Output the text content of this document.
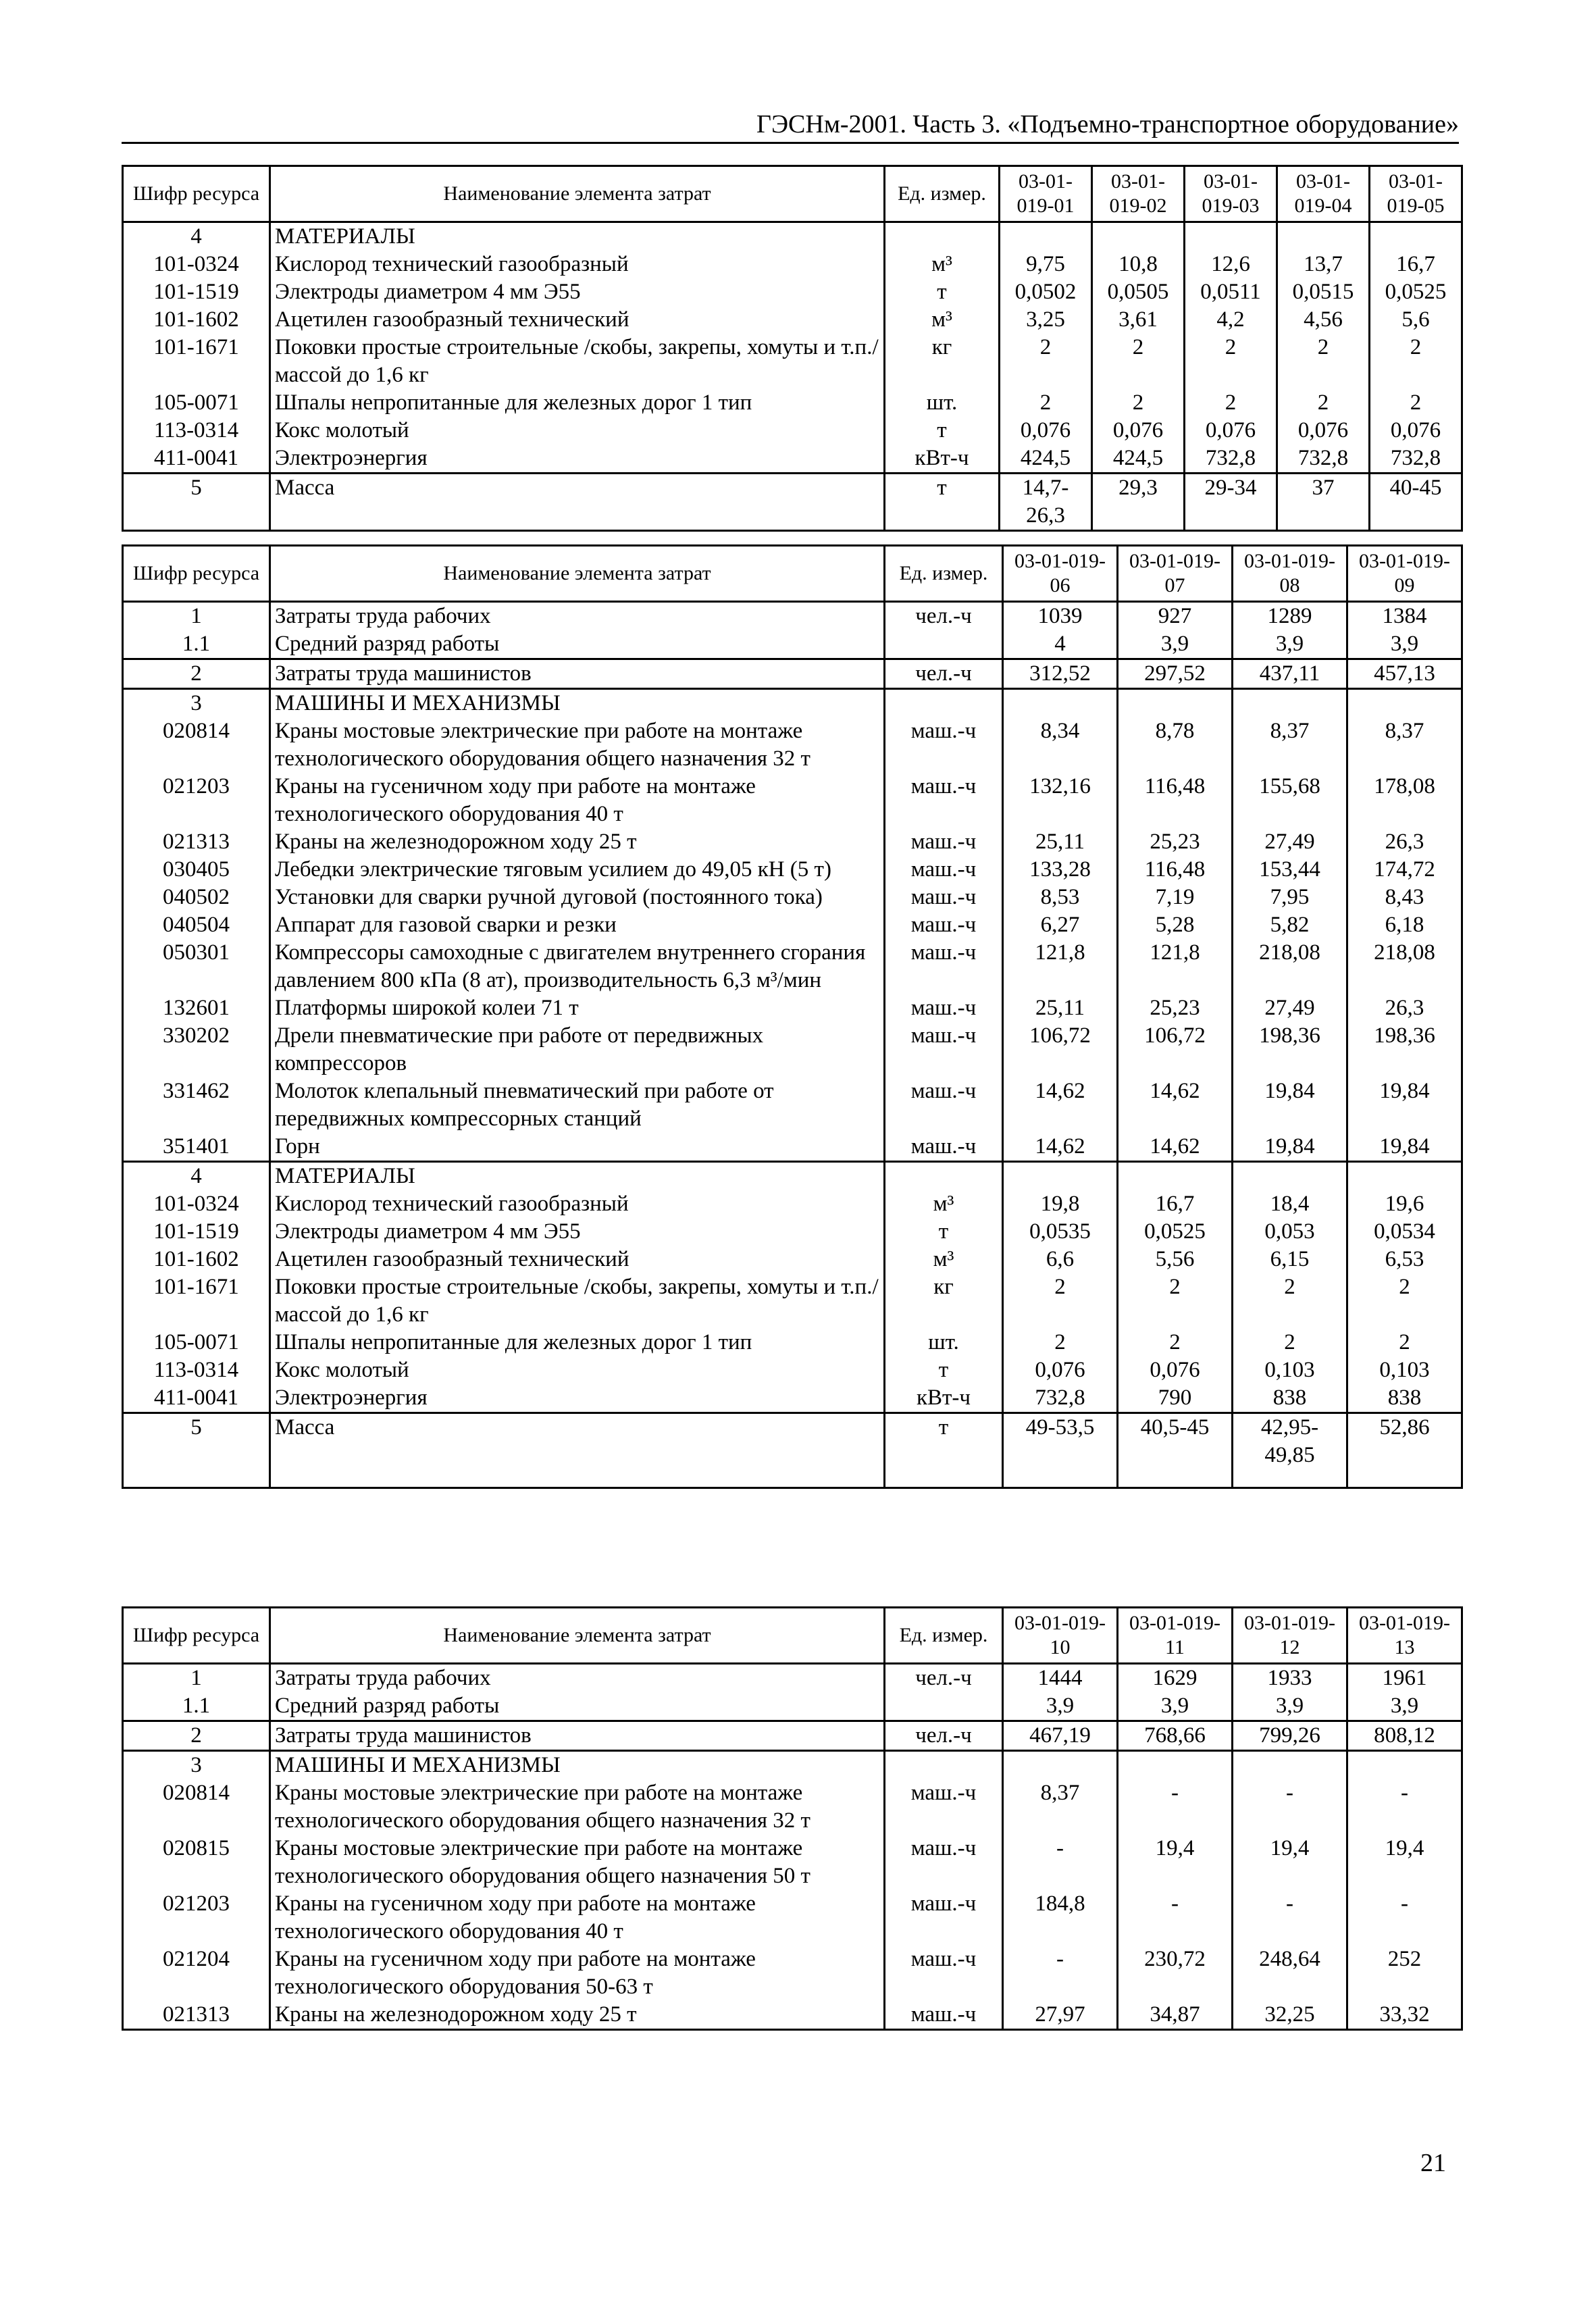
ГЭСНм-2001. Часть 3. «Подъемно-транспортное оборудование»
Шифр ресурса	Наименование элемента затрат	Ед. измер.	03-01-019-01	03-01-019-02	03-01-019-03	03-01-019-04	03-01-019-05
4	МАТЕРИАЛЫ						
101-0324	Кислород технический газообразный	м³	9,75	10,8	12,6	13,7	16,7
101-1519	Электроды диаметром 4 мм Э55	т	0,0502	0,0505	0,0511	0,0515	0,0525
101-1602	Ацетилен газообразный технический	м³	3,25	3,61	4,2	4,56	5,6
101-1671	Поковки простые строительные /скобы, закрепы, хомуты и т.п./ массой до 1,6 кг	кг	2	2	2	2	2
105-0071	Шпалы непропитанные для железных дорог 1 тип	шт.	2	2	2	2	2
113-0314	Кокс молотый	т	0,076	0,076	0,076	0,076	0,076
411-0041	Электроэнергия	кВт-ч	424,5	424,5	732,8	732,8	732,8
5	Масса	т	14,7-26,3	29,3	29-34	37	40-45
Шифр ресурса	Наименование элемента затрат	Ед. измер.	03-01-019-06	03-01-019-07	03-01-019-08	03-01-019-09
1	Затраты труда рабочих	чел.-ч	1039	927	1289	1384
1.1	Средний разряд работы		4	3,9	3,9	3,9
2	Затраты труда машинистов	чел.-ч	312,52	297,52	437,11	457,13
3	МАШИНЫ И МЕХАНИЗМЫ					
020814	Краны мостовые электрические при работе на монтаже технологического оборудования общего назначения 32 т	маш.-ч	8,34	8,78	8,37	8,37
021203	Краны на гусеничном ходу при работе на монтаже технологического оборудования 40 т	маш.-ч	132,16	116,48	155,68	178,08
021313	Краны на железнодорожном ходу 25 т	маш.-ч	25,11	25,23	27,49	26,3
030405	Лебедки электрические тяговым усилием до 49,05 кН (5 т)	маш.-ч	133,28	116,48	153,44	174,72
040502	Установки для сварки ручной дуговой (постоянного тока)	маш.-ч	8,53	7,19	7,95	8,43
040504	Аппарат для газовой сварки и резки	маш.-ч	6,27	5,28	5,82	6,18
050301	Компрессоры самоходные с двигателем внутреннего сгорания давлением 800 кПа (8 ат), производительность 6,3 м³/мин	маш.-ч	121,8	121,8	218,08	218,08
132601	Платформы широкой колеи 71 т	маш.-ч	25,11	25,23	27,49	26,3
330202	Дрели пневматические при работе от передвижных компрессоров	маш.-ч	106,72	106,72	198,36	198,36
331462	Молоток клепальный пневматический при работе от передвижных компрессорных станций	маш.-ч	14,62	14,62	19,84	19,84
351401	Горн	маш.-ч	14,62	14,62	19,84	19,84
4	МАТЕРИАЛЫ					
101-0324	Кислород технический газообразный	м³	19,8	16,7	18,4	19,6
101-1519	Электроды диаметром 4 мм Э55	т	0,0535	0,0525	0,053	0,0534
101-1602	Ацетилен газообразный технический	м³	6,6	5,56	6,15	6,53
101-1671	Поковки простые строительные /скобы, закрепы, хомуты и т.п./ массой до 1,6 кг	кг	2	2	2	2
105-0071	Шпалы непропитанные для железных дорог 1 тип	шт.	2	2	2	2
113-0314	Кокс молотый	т	0,076	0,076	0,103	0,103
411-0041	Электроэнергия	кВт-ч	732,8	790	838	838
5	Масса	т	49-53,5	40,5-45	42,95-49,85	52,86

Шифр ресурса	Наименование элемента затрат	Ед. измер.	03-01-019-10	03-01-019-11	03-01-019-12	03-01-019-13
1	Затраты труда рабочих	чел.-ч	1444	1629	1933	1961
1.1	Средний разряд работы		3,9	3,9	3,9	3,9
2	Затраты труда машинистов	чел.-ч	467,19	768,66	799,26	808,12
3	МАШИНЫ И МЕХАНИЗМЫ					
020814	Краны мостовые электрические при работе на монтаже технологического оборудования общего назначения 32 т	маш.-ч	8,37	-	-	-
020815	Краны мостовые электрические при работе на монтаже технологического оборудования общего назначения 50 т	маш.-ч	-	19,4	19,4	19,4
021203	Краны на гусеничном ходу при работе на монтаже технологического оборудования 40 т	маш.-ч	184,8	-	-	-
021204	Краны на гусеничном ходу при работе на монтаже технологического оборудования 50-63 т	маш.-ч	-	230,72	248,64	252
021313	Краны на железнодорожном ходу 25 т	маш.-ч	27,97	34,87	32,25	33,32
21
